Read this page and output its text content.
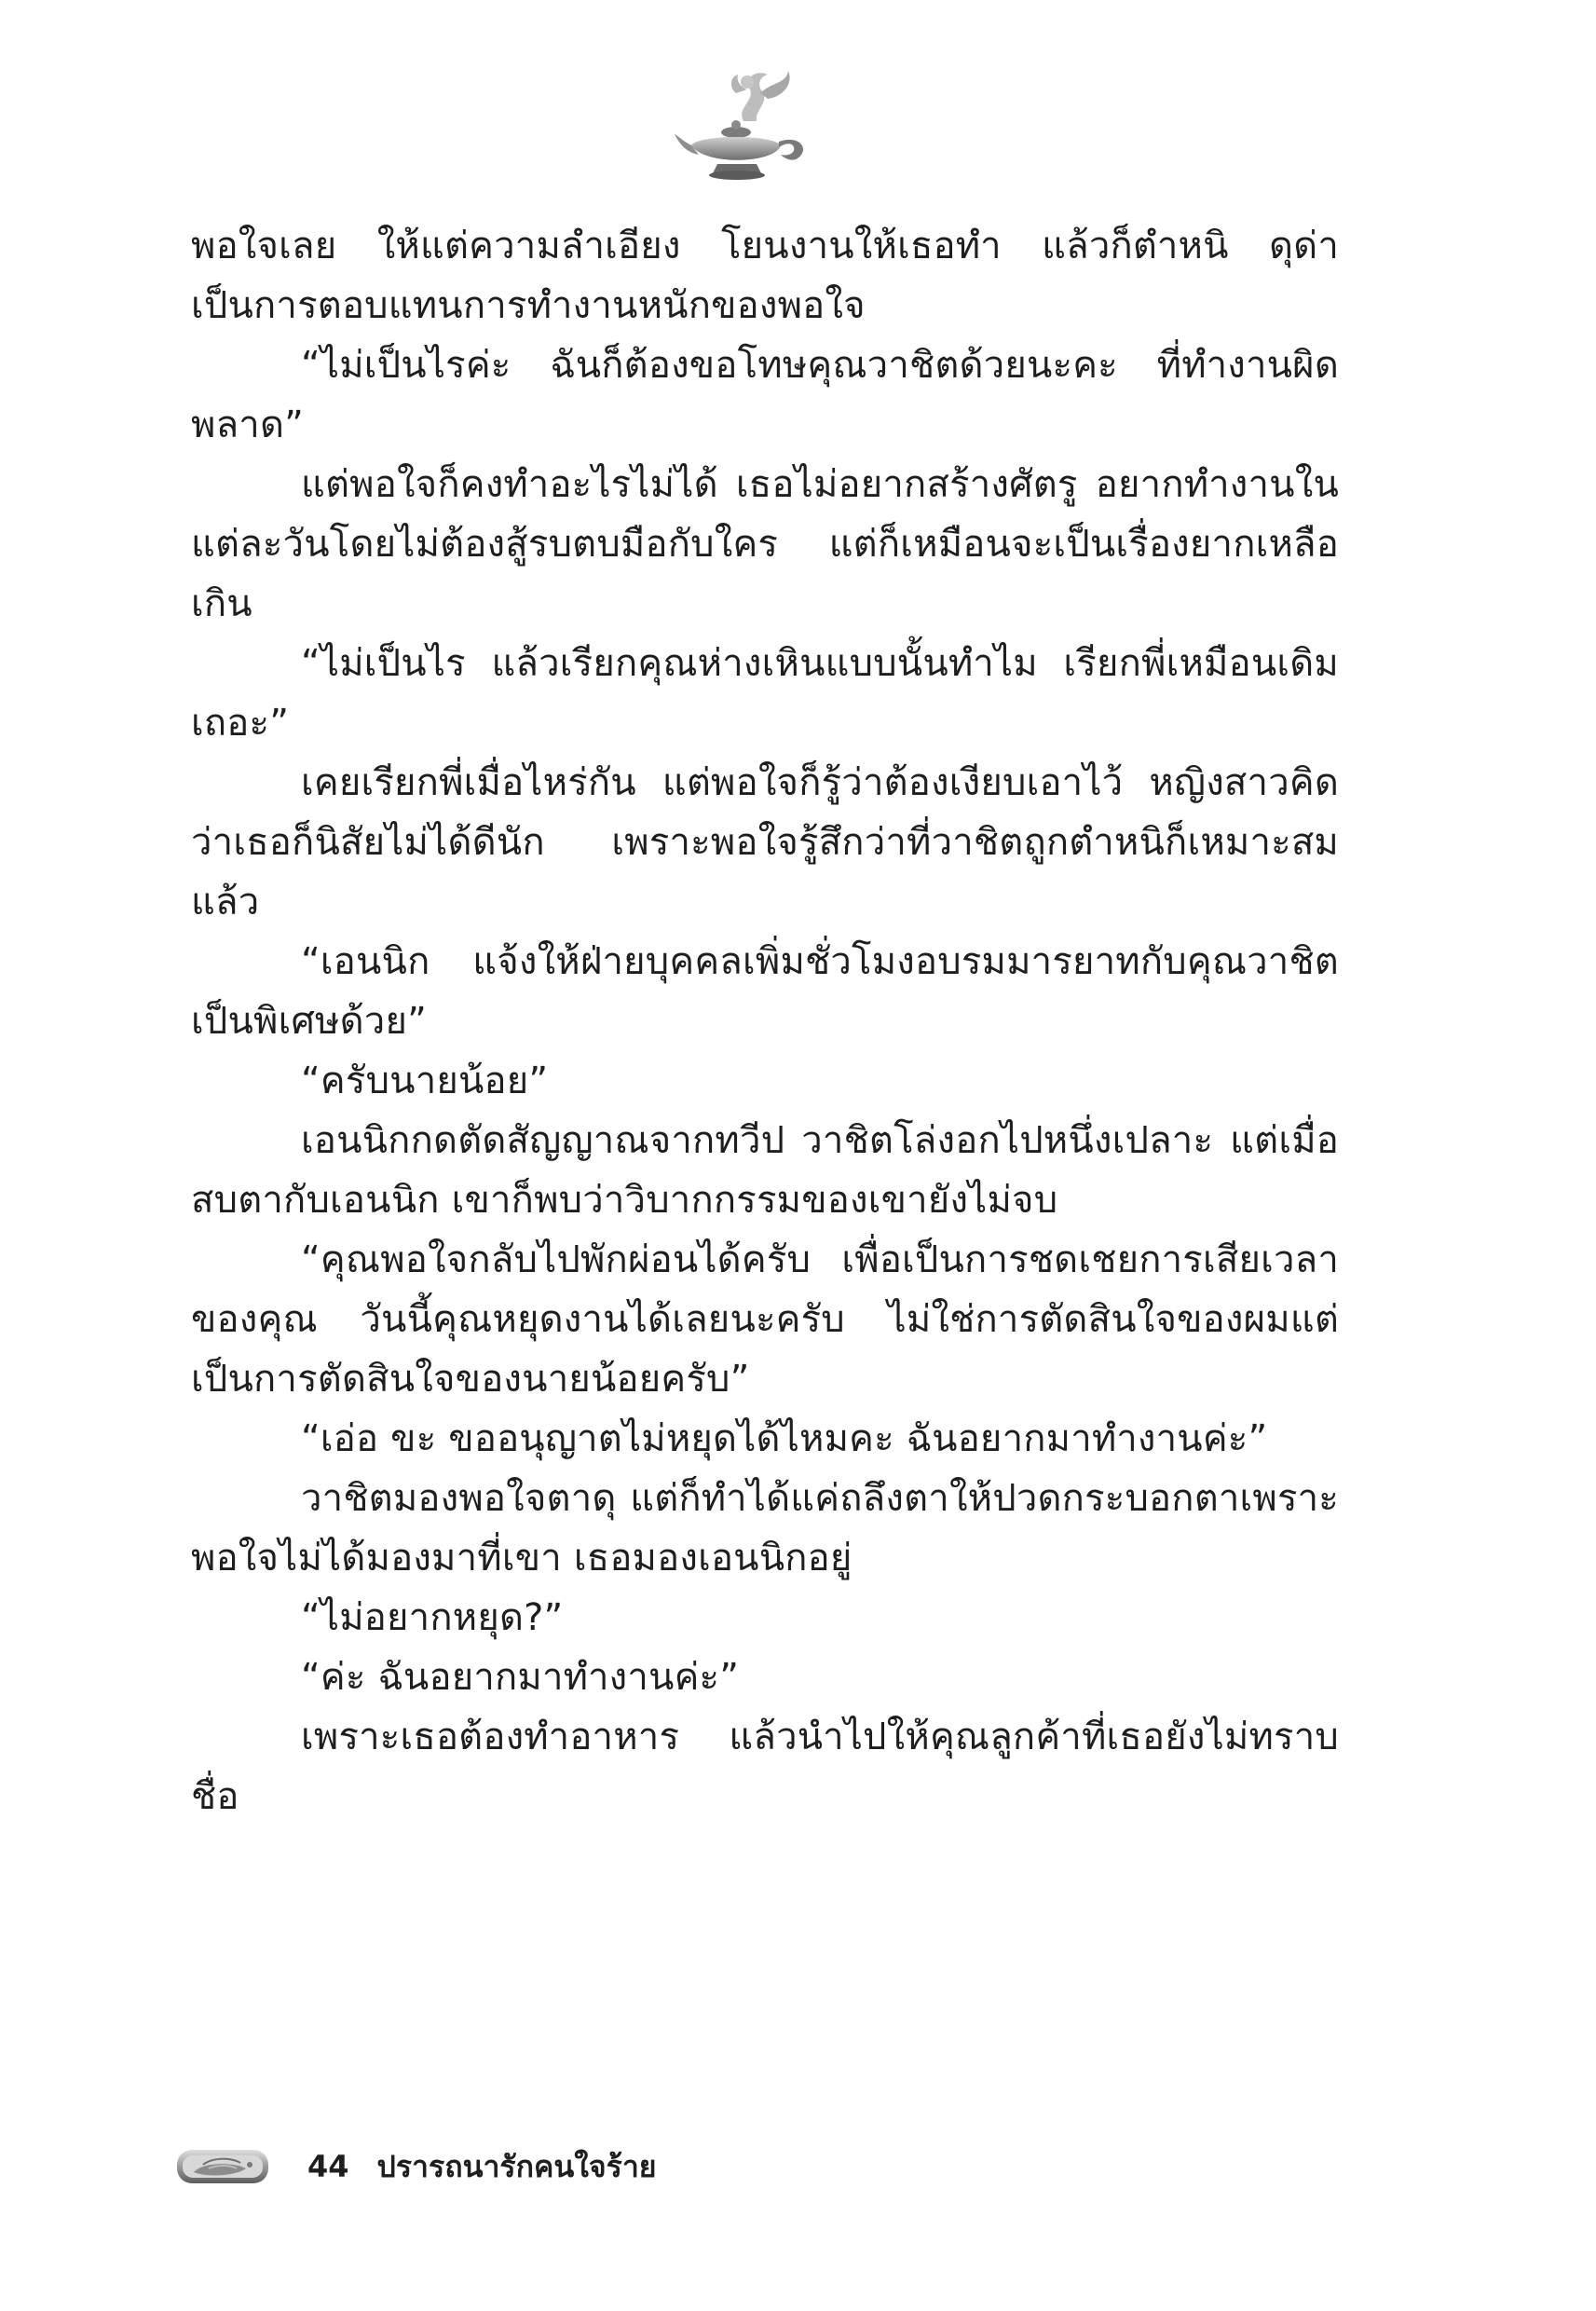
พอใจเลย ให้แต่ความลำเอียง โยนงานให้เธอทำ แล้วก็ตำหนิ ดุด่าเป็นการตอบแทนการทำงานหนักของพอใจ

“ไม่เป็นไรค่ะ ฉันก็ต้องขอโทษคุณวาชิตด้วยนะคะ ที่ทำงานผิดพลาด”

แต่พอใจก็คงทำอะไรไม่ได้ เธอไม่อยากสร้างศัตรู อยากทำงานในแต่ละวันโดยไม่ต้องสู้รบตบมือกับใคร แต่ก็เหมือนจะเป็นเรื่องยากเหลือเกิน

“ไม่เป็นไร แล้วเรียกคุณห่างเหินแบบนั้นทำไม เรียกพี่เหมือนเดิมเถอะ”

เคยเรียกพี่เมื่อไหร่กัน แต่พอใจก็รู้ว่าต้องเงียบเอาไว้ หญิงสาวคิดว่าเธอก็นิสัยไม่ได้ดีนัก เพราะพอใจรู้สึกว่าที่วาชิตถูกตำหนิก็เหมาะสมแล้ว

“เอนนิก แจ้งให้ฝ่ายบุคคลเพิ่มชั่วโมงอบรมมารยาทกับคุณวาชิตเป็นพิเศษด้วย”

“ครับนายน้อย”

เอนนิกกดตัดสัญญาณจากทวีป วาชิตโล่งอกไปหนึ่งเปลาะ แต่เมื่อสบตากับเอนนิก เขาก็พบว่าวิบากกรรมของเขายังไม่จบ

“คุณพอใจกลับไปพักผ่อนได้ครับ เพื่อเป็นการชดเชยการเสียเวลาของคุณ วันนี้คุณหยุดงานได้เลยนะครับ ไม่ใช่การตัดสินใจของผมแต่เป็นการตัดสินใจของนายน้อยครับ”

“เอ่อ ขะ ขออนุญาตไม่หยุดได้ไหมคะ ฉันอยากมาทำงานค่ะ”

วาชิตมองพอใจตาดุ แต่ก็ทำได้แค่ถลึงตาให้ปวดกระบอกตาเพราะพอใจไม่ได้มองมาที่เขา เธอมองเอนนิกอยู่

“ไม่อยากหยุด?”

“ค่ะ ฉันอยากมาทำงานค่ะ”

เพราะเธอต้องทำอาหาร แล้วนำไปให้คุณลูกค้าที่เธอยังไม่ทราบชื่อ

44 ปรารถนารักคนใจร้าย
